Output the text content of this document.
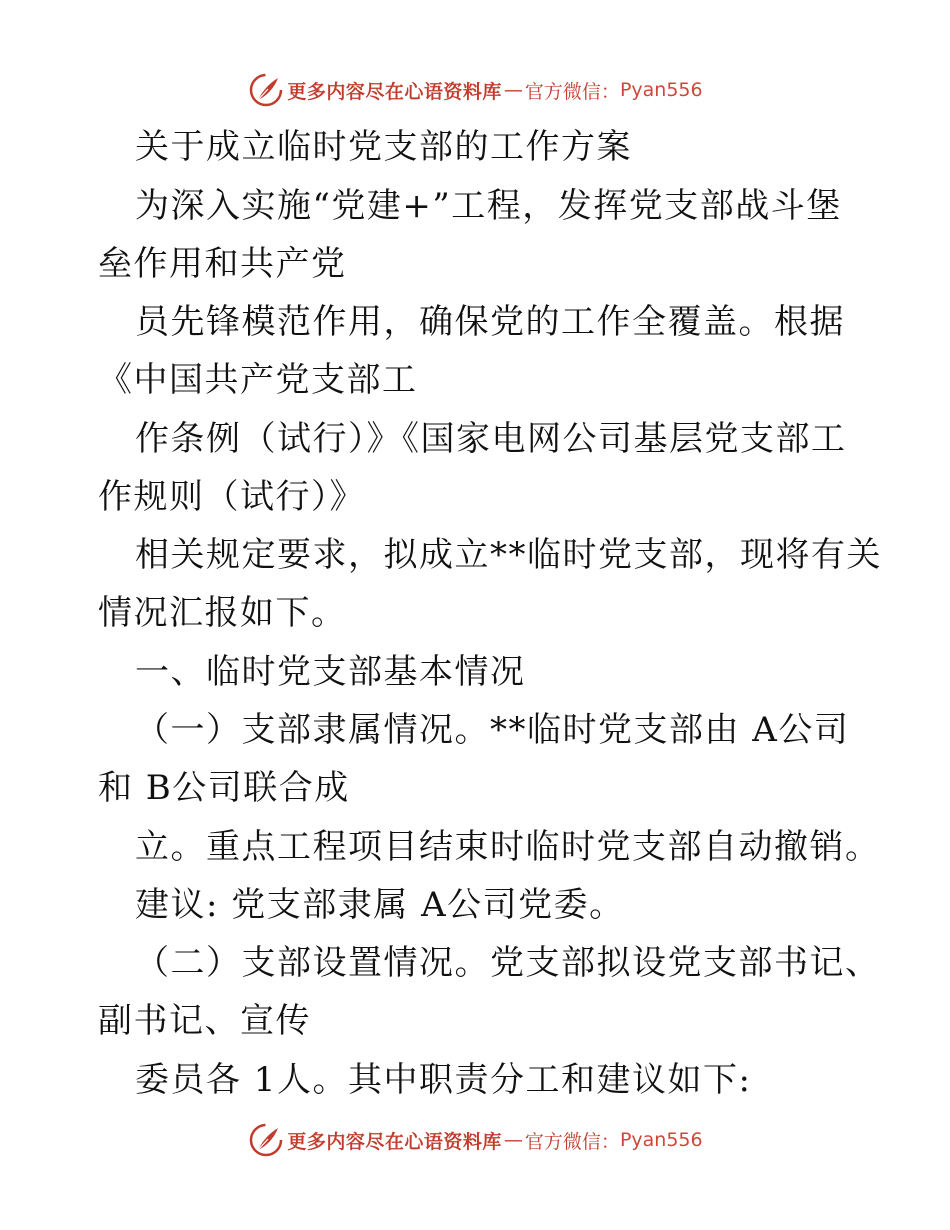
更多内容尽在心语资料库 — 官方微信： Pyan556
关于成立临时党支部的工作方案
为深入实施“党建+”工程，发挥党支部战斗堡
垒作用和共产党
员先锋模范作用，确保党的工作全覆盖。根据
《中国共产党支部工
作条例（试行）》《国家电网公司基层党支部工
作规则（试行）》
相关规定要求，拟成立**临时党支部，现将有关
情况汇报如下。
一、临时党支部基本情况
（一）支部隶属情况。**临时党支部由 A公司
和 B公司联合成
立。重点工程项目结束时临时党支部自动撤销。
建议: 党支部隶属 A公司党委。
（二）支部设置情况。党支部拟设党支部书记、
副书记、宣传
委员各 1人。其中职责分工和建议如下:
更多内容尽在心语资料库 — 官方微信： Pyan556
